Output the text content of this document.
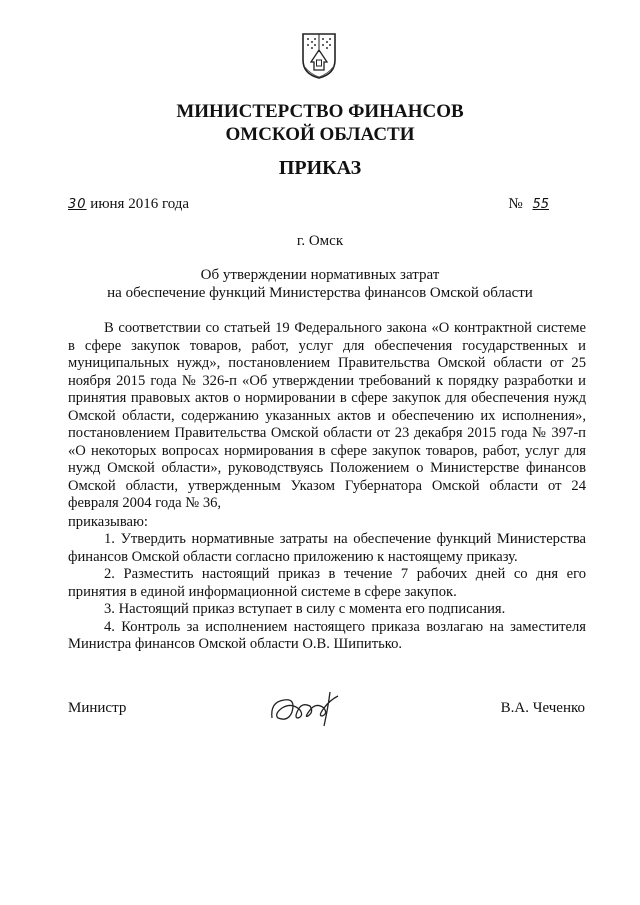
МИНИСТЕРСТВО ФИНАНСОВ
ОМСКОЙ ОБЛАСТИ
ПРИКАЗ
30 июня 2016 года	№ 55
г. Омск
Об утверждении нормативных затрат
на обеспечение функций Министерства финансов Омской области

В соответствии со статьей 19 Федерального закона «О контрактной системе в сфере закупок товаров, работ, услуг для обеспечения государственных и муниципальных нужд», постановлением Правительства Омской области от 25 ноября 2015 года № 326-п «Об утверждении требований к порядку разработки и принятия правовых актов о нормировании в сфере закупок для обеспечения нужд Омской области, содержанию указанных актов и обеспечению их исполнения», постановлением Правительства Омской области от 23 декабря 2015 года № 397-п «О некоторых вопросах нормирования в сфере закупок товаров, работ, услуг для нужд Омской области», руководствуясь Положением о Министерстве финансов Омской области, утвержденным Указом Губернатора Омской области от 24 февраля 2004 года № 36,

приказываю:

1. Утвердить нормативные затраты на обеспечение функций Министерства финансов Омской области согласно приложению к настоящему приказу.

2. Разместить настоящий приказ в течение 7 рабочих дней со дня его принятия в единой информационной системе в сфере закупок.

3. Настоящий приказ вступает в силу с момента его подписания.

4. Контроль за исполнением настоящего приказа возлагаю на заместителя Министра финансов Омской области О.В. Шипитько.

Министр	В.А. Чеченко
